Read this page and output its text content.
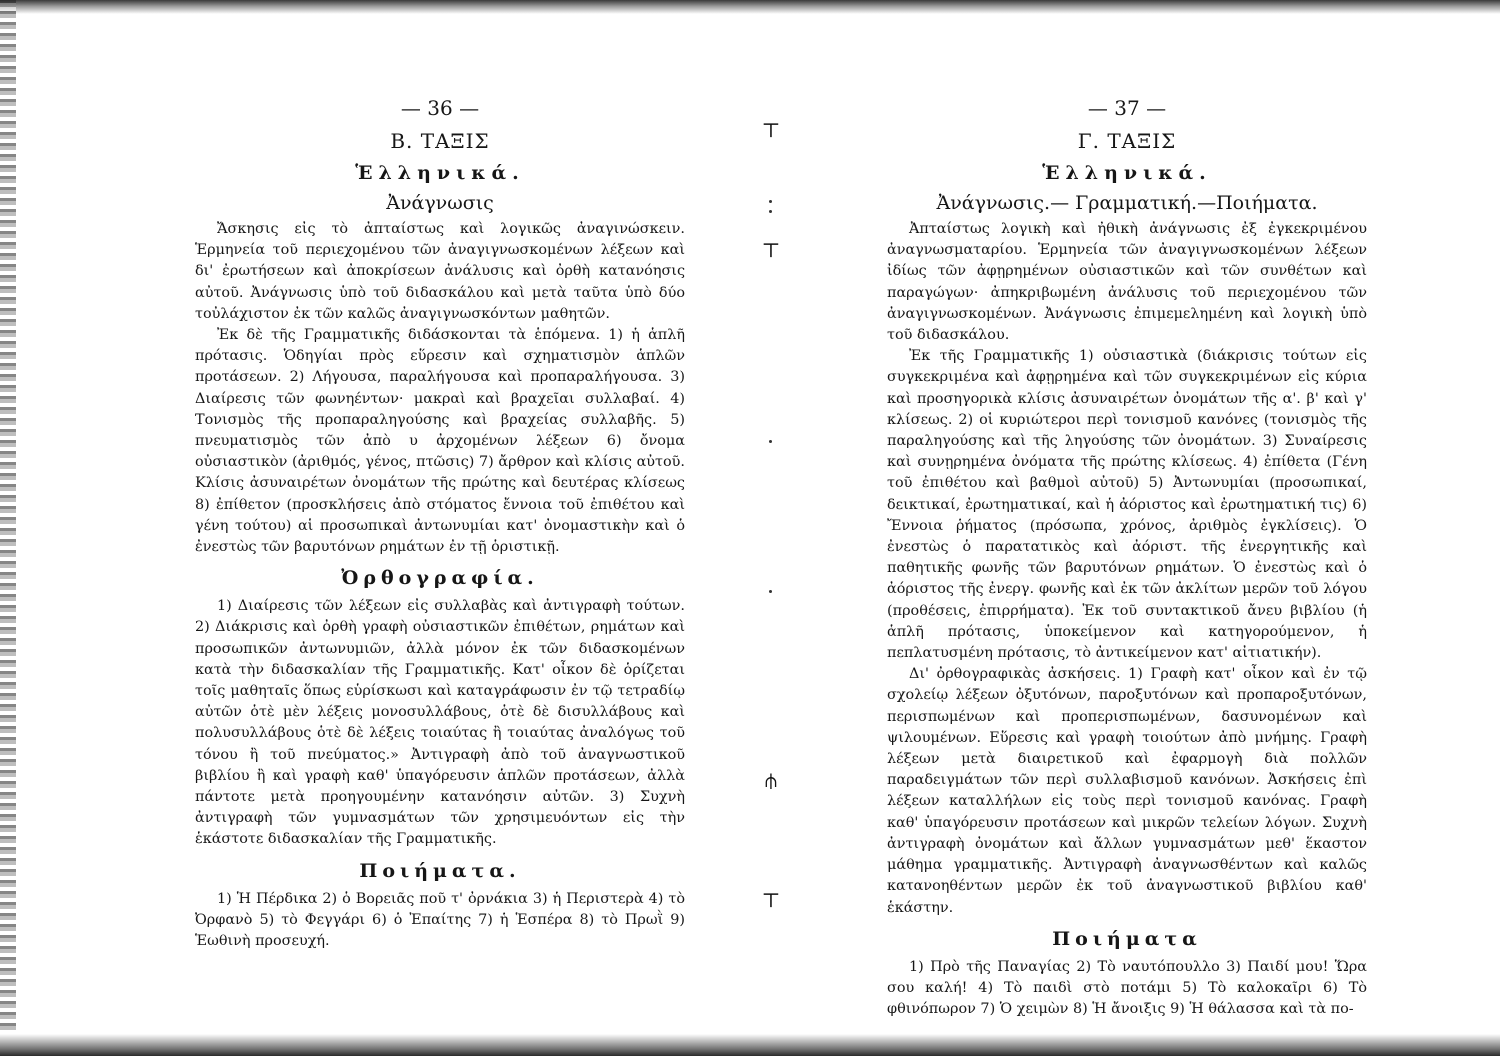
⊤
⊤
⫛
⊤
— 36 —
Β. ΤΑΞΙΣ
Ἑλληνικά.
Ἀνάγνωσις

Ἄσκησις εἰς τὸ ἀπταίστως καὶ λογικῶς ἀναγινώσκειν. Ἑρμηνεία τοῦ περιεχομένου τῶν ἀναγιγνωσκομένων λέξεων καὶ δι' ἐρωτήσεων καὶ ἀποκρίσεων ἀνάλυσις καὶ ὀρθὴ κατανόησις αὐτοῦ. Ἀνάγνωσις ὑπὸ τοῦ διδασκάλου καὶ μετὰ ταῦτα ὑπὸ δύο τοὐλάχιστον ἐκ τῶν καλῶς ἀναγιγνωσκόντων μαθητῶν.

Ἐκ δὲ τῆς Γραμματικῆς διδάσκονται τὰ ἑπόμενα. 1) ἡ ἁπλῆ πρότασις. Ὁδηγίαι πρὸς εὕρεσιν καὶ σχηματισμὸν ἁπλῶν προτάσεων. 2) Λήγουσα, παραλήγουσα καὶ προπαραλήγουσα. 3) Διαίρεσις τῶν φωνηέντων· μακραὶ καὶ βραχεῖαι συλλαβαί. 4) Τονισμὸς τῆς προπαραληγούσης καὶ βραχείας συλλαβῆς. 5) πνευματισμὸς τῶν ἀπὸ υ ἀρχομένων λέξεων 6) ὄνομα οὐσιαστικὸν (ἀριθμός, γένος, πτῶσις) 7) ἄρθρον καὶ κλίσις αὐτοῦ. Κλίσις ἀσυναιρέτων ὀνομάτων τῆς πρώτης καὶ δευτέρας κλίσεως 8) ἐπίθετον (προσκλήσεις ἀπὸ στόματος ἔννοια τοῦ ἐπιθέτου καὶ γένη τούτου) αἱ προσωπικαὶ ἀντωνυμίαι κατ' ὀνομαστικὴν καὶ ὁ ἐνεστὼς τῶν βαρυτόνων ρημάτων ἐν τῇ ὁριστικῇ.

Ὀρθογραφία.

1) Διαίρεσις τῶν λέξεων εἰς συλλαβὰς καὶ ἀντιγραφὴ τούτων. 2) Διάκρισις καὶ ὀρθὴ γραφὴ οὐσιαστικῶν ἐπιθέτων, ρημάτων καὶ προσωπικῶν ἀντωνυμιῶν, ἀλλὰ μόνον ἐκ τῶν διδασκομένων κατὰ τὴν διδασκαλίαν τῆς Γραμματικῆς. Κατ' οἶκον δὲ ὁρίζεται τοῖς μαθηταῖς ὅπως εὑρίσκωσι καὶ καταγράφωσιν ἐν τῷ τετραδίῳ αὐτῶν ὁτὲ μὲν λέξεις μονοσυλλάβους, ὁτὲ δὲ δισυλλάβους καὶ πολυσυλλάβους ὁτὲ δὲ λέξεις τοιαύτας ἢ τοιαύτας ἀναλόγως τοῦ τόνου ἢ τοῦ πνεύματος.» Ἀντιγραφὴ ἀπὸ τοῦ ἀναγνωστικοῦ βιβλίου ἢ καὶ γραφὴ καθ' ὑπαγόρευσιν ἁπλῶν προτάσεων, ἀλλὰ πάντοτε μετὰ προηγουμένην κατανόησιν αὐτῶν. 3) Συχνὴ ἀντιγραφὴ τῶν γυμνασμάτων τῶν χρησιμευόντων εἰς τὴν ἑκάστοτε διδασκαλίαν τῆς Γραμματικῆς.

Ποιήματα.

1) Ἡ Πέρδικα 2) ὁ Βορειᾶς ποῦ τ' ὀρνάκια 3) ἡ Περιστερὰ 4) τὸ Ὀρφανὸ 5) τὸ Φεγγάρι 6) ὁ Ἐπαίτης 7) ἡ Ἑσπέρα 8) τὸ Πρωῒ 9) Ἑωθινὴ προσευχή.

— 37 —
Γ. ΤΑΞΙΣ
Ἑλληνικά.
Ἀνάγνωσις.— Γραμματική.—Ποιήματα.

Ἀπταίστως λογικὴ καὶ ἠθικὴ ἀνάγνωσις ἐξ ἐγκεκριμένου ἀναγνωσματαρίου. Ἑρμηνεία τῶν ἀναγιγνωσκομένων λέξεων ἰδίως τῶν ἀφῃρημένων οὐσιαστικῶν καὶ τῶν συνθέτων καὶ παραγώγων· ἀπηκριβωμένη ἀνάλυσις τοῦ περιεχομένου τῶν ἀναγιγνωσκομένων. Ἀνάγνωσις ἐπιμεμελημένη καὶ λογικὴ ὑπὸ τοῦ διδασκάλου.

Ἐκ τῆς Γραμματικῆς 1) οὐσιαστικὰ (διάκρισις τούτων εἰς συγκεκριμένα καὶ ἀφῃρημένα καὶ τῶν συγκεκριμένων εἰς κύρια καὶ προσηγορικὰ κλίσις ἀσυναιρέτων ὀνομάτων τῆς α'. β' καὶ γ' κλίσεως. 2) οἱ κυριώτεροι περὶ τονισμοῦ κανόνες (τονισμὸς τῆς παραληγούσης καὶ τῆς ληγούσης τῶν ὀνομάτων. 3) Συναίρεσις καὶ συνῃρημένα ὀνόματα τῆς πρώτης κλίσεως. 4) ἐπίθετα (Γένη τοῦ ἐπιθέτου καὶ βαθμοὶ αὐτοῦ) 5) Ἀντωνυμίαι (προσωπικαί, δεικτικαί, ἐρωτηματικαί, καὶ ἡ ἀόριστος καὶ ἐρωτηματική τις) 6) Ἔννοια ῥήματος (πρόσωπα, χρόνος, ἀριθμὸς ἐγκλίσεις). Ὁ ἐνεστὼς ὁ παρατατικὸς καὶ ἀόριστ. τῆς ἐνεργητικῆς καὶ παθητικῆς φωνῆς τῶν βαρυτόνων ρημάτων. Ὁ ἐνεστὼς καὶ ὁ ἀόριστος τῆς ἐνεργ. φωνῆς καὶ ἐκ τῶν ἀκλίτων μερῶν τοῦ λόγου (προθέσεις, ἐπιρρήματα). Ἐκ τοῦ συντακτικοῦ ἄνευ βιβλίου (ἡ ἁπλῆ πρότασις, ὑποκείμενον καὶ κατηγορούμενον, ἡ πεπλατυσμένη πρότασις, τὸ ἀντικείμενον κατ' αἰτιατικήν).

Δι' ὀρθογραφικὰς ἀσκήσεις. 1) Γραφὴ κατ' οἶκον καὶ ἐν τῷ σχολείῳ λέξεων ὀξυτόνων, παροξυτόνων καὶ προπαροξυτόνων, περισπωμένων καὶ προπερισπωμένων, δασυνομένων καὶ ψιλουμένων. Εὕρεσις καὶ γραφὴ τοιούτων ἀπὸ μνήμης. Γραφὴ λέξεων μετὰ διαιρετικοῦ καὶ ἐφαρμογὴ διὰ πολλῶν παραδειγμάτων τῶν περὶ συλλαβισμοῦ κανόνων. Ἀσκήσεις ἐπὶ λέξεων καταλλήλων εἰς τοὺς περὶ τονισμοῦ κανόνας. Γραφὴ καθ' ὑπαγόρευσιν προτάσεων καὶ μικρῶν τελείων λόγων. Συχνὴ ἀντιγραφὴ ὀνομάτων καὶ ἄλλων γυμνασμάτων μεθ' ἕκαστον μάθημα γραμματικῆς. Ἀντιγραφὴ ἀναγνωσθέντων καὶ καλῶς κατανοηθέντων μερῶν ἐκ τοῦ ἀναγνωστικοῦ βιβλίου καθ' ἑκάστην.

Ποιήματα

1) Πρὸ τῆς Παναγίας 2) Τὸ ναυτόπουλλο 3) Παιδί μου! Ὥρα σου καλή! 4) Τὸ παιδὶ στὸ ποτάμι 5) Τὸ καλοκαῖρι 6) Τὸ φθινόπωρον 7) Ὁ χειμὼν 8) Ἡ ἄνοιξις 9) Ἡ θάλασσα καὶ τὰ πο-
